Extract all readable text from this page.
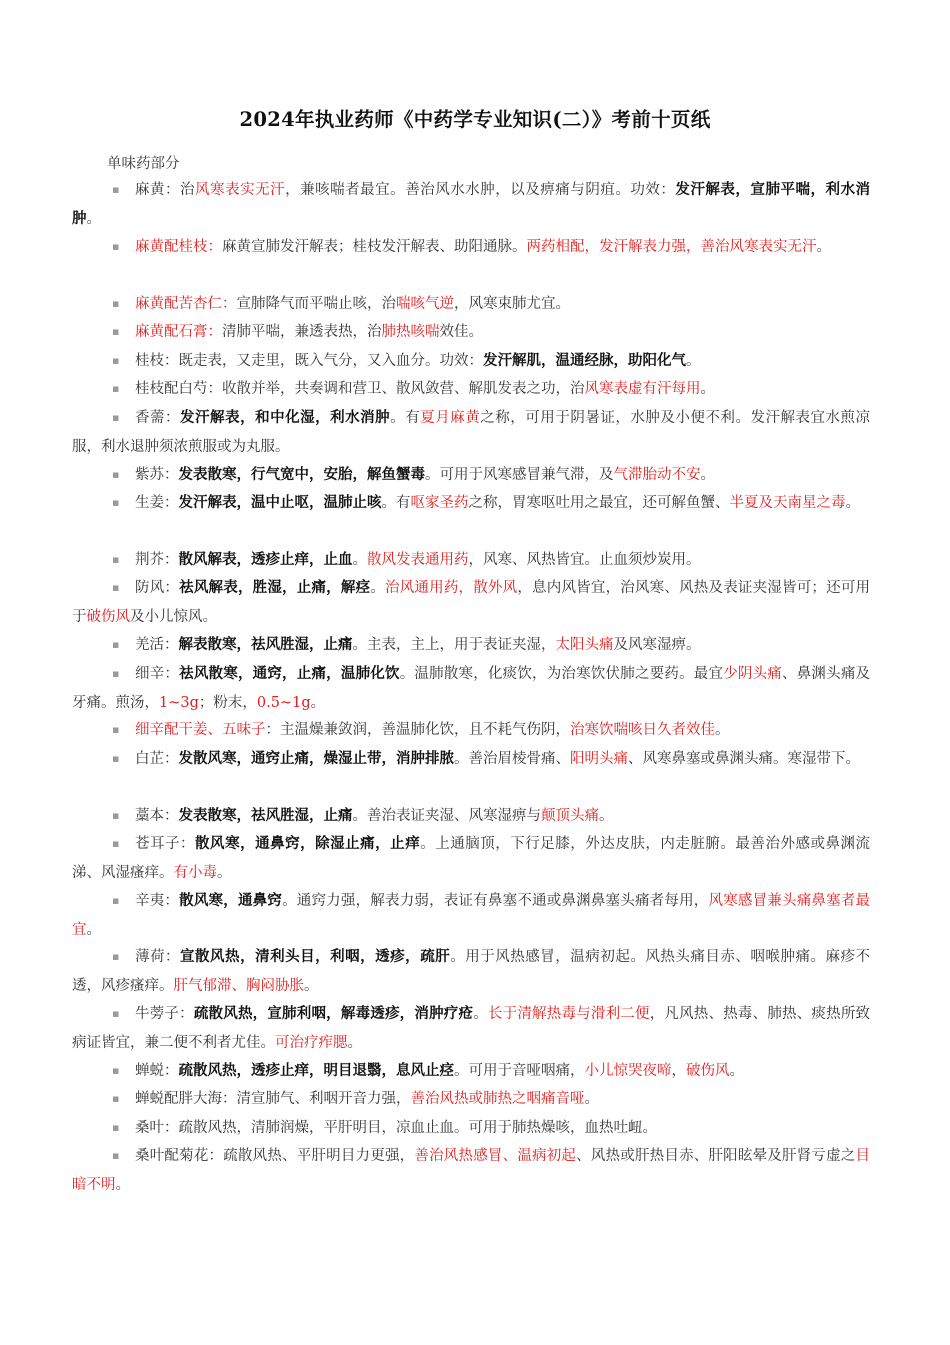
2024年执业药师《中药学专业知识(二）》考前十页纸
单味药部分
▪ 麻黄：治风寒表实无汗，兼咳喘者最宜。善治风水水肿，以及痹痛与阴疽。功效：发汗解表，宣肺平喘，利水消肿。
▪ 麻黄配桂枝：麻黄宣肺发汗解表；桂枝发汗解表、助阳通脉。两药相配，发汗解表力强，善治风寒表实无汗。
▪ 麻黄配苦杏仁：宣肺降气而平喘止咳，治喘咳气逆，风寒束肺尤宜。
▪ 麻黄配石膏：清肺平喘，兼透表热，治肺热咳喘效佳。
▪ 桂枝：既走表，又走里，既入气分，又入血分。功效：发汗解肌，温通经脉，助阳化气。
▪ 桂枝配白芍：收散并举，共奏调和营卫、散风敛营、解肌发表之功，治风寒表虚有汗每用。
▪ 香薷：发汗解表，和中化湿，利水消肿。有夏月麻黄之称，可用于阴暑证，水肿及小便不利。发汗解表宜水煎凉服，利水退肿须浓煎服或为丸服。
▪ 紫苏：发表散寒，行气宽中，安胎，解鱼蟹毒。可用于风寒感冒兼气滞，及气滞胎动不安。
▪ 生姜：发汗解表，温中止呕，温肺止咳。有呕家圣药之称，胃寒呕吐用之最宜，还可解鱼蟹、半夏及天南星之毒。
▪ 荆芥：散风解表，透疹止痒，止血。散风发表通用药，风寒、风热皆宜。止血须炒炭用。
▪ 防风：祛风解表，胜湿，止痛，解痉。治风通用药，散外风，息内风皆宜，治风寒、风热及表证夹湿皆可；还可用于破伤风及小儿惊风。
▪ 羌活：解表散寒，祛风胜湿，止痛。主表，主上，用于表证夹湿，太阳头痛及风寒湿痹。
▪ 细辛：祛风散寒，通窍，止痛，温肺化饮。温肺散寒，化痰饮，为治寒饮伏肺之要药。最宜少阴头痛、鼻渊头痛及牙痛。煎汤，1~3g；粉末，0.5~1g。
▪ 细辛配干姜、五味子：主温燥兼敛润，善温肺化饮，且不耗气伤阴，治寒饮喘咳日久者效佳。
▪ 白芷：发散风寒，通窍止痛，燥湿止带，消肿排脓。善治眉棱骨痛、阳明头痛、风寒鼻塞或鼻渊头痛。寒湿带下。
▪ 藁本：发表散寒，祛风胜湿，止痛。善治表证夹湿、风寒湿痹与颠顶头痛。
▪ 苍耳子：散风寒，通鼻窍，除湿止痛，止痒。上通脑顶，下行足膝，外达皮肤，内走脏腑。最善治外感或鼻渊流涕、风湿瘙痒。有小毒。
▪ 辛夷：散风寒，通鼻窍。通窍力强，解表力弱，表证有鼻塞不通或鼻渊鼻塞头痛者每用，风寒感冒兼头痛鼻塞者最宜。
▪ 薄荷：宣散风热，清利头目，利咽，透疹，疏肝。用于风热感冒，温病初起。风热头痛目赤、咽喉肿痛。麻疹不透，风疹瘙痒。肝气郁滞、胸闷胁胀。
▪ 牛蒡子：疏散风热，宣肺利咽，解毒透疹，消肿疗疮。长于清解热毒与滑利二便，凡风热、热毒、肺热、痰热所致病证皆宜，兼二便不利者尤佳。可治疗痄腮。
▪ 蝉蜕：疏散风热，透疹止痒，明目退翳，息风止痉。可用于音哑咽痛，小儿惊哭夜啼，破伤风。
▪ 蝉蜕配胖大海：清宣肺气、利咽开音力强，善治风热或肺热之咽痛音哑。
▪ 桑叶：疏散风热，清肺润燥，平肝明目，凉血止血。可用于肺热燥咳，血热吐衄。
▪ 桑叶配菊花：疏散风热、平肝明目力更强，善治风热感冒、温病初起、风热或肝热目赤、肝阳眩晕及肝肾亏虚之目暗不明。
